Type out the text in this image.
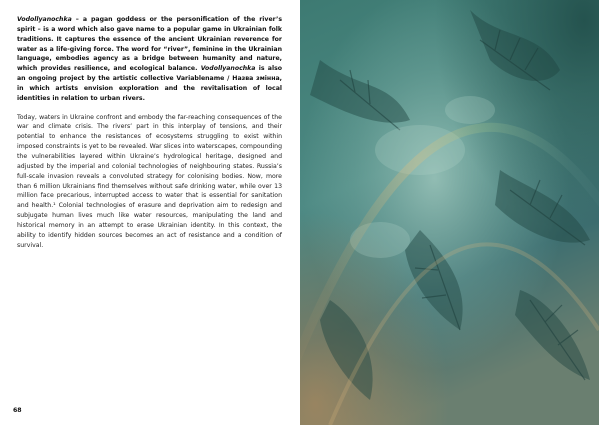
Vodollyanochka – a pagan goddess or the personification of the river’s spirit – is a word which also gave name to a popular game in Ukrainian folk traditions. It captures the essence of the ancient Ukrainian reverence for water as a life-giving force. The word for “river”, feminine in the Ukrainian language, embodies agency as a bridge between humanity and nature, which provides resilience, and ecological balance. Vodollyanochka is also an ongoing project by the artistic collective Variablename / Назва змінна, in which artists envision exploration and the revitalisation of local identities in relation to urban rivers.

Today, waters in Ukraine confront and embody the far-reaching consequences of the war and climate crisis. The rivers’ part in this interplay of tensions, and their potential to enhance the resistances of ecosystems struggling to exist within imposed constraints is yet to be revealed. War slices into waterscapes, compounding the vulnerabilities layered within Ukraine’s hydrological heritage, designed and adjusted by the imperial and colonial technologies of neighbouring states. Russia’s full-scale invasion reveals a convoluted strategy for colonising bodies. Now, more than 6 million Ukrainians find themselves without safe drinking water, while over 13 million face precarious, interrupted access to water that is essential for sanitation and health.¹ Colonial technologies of erasure and deprivation aim to redesign and subjugate human lives much like water resources, manipulating the land and historical memory in an attempt to erase Ukrainian identity. In this context, the ability to identify hidden sources becomes an act of resistance and a condition of survival.

68
